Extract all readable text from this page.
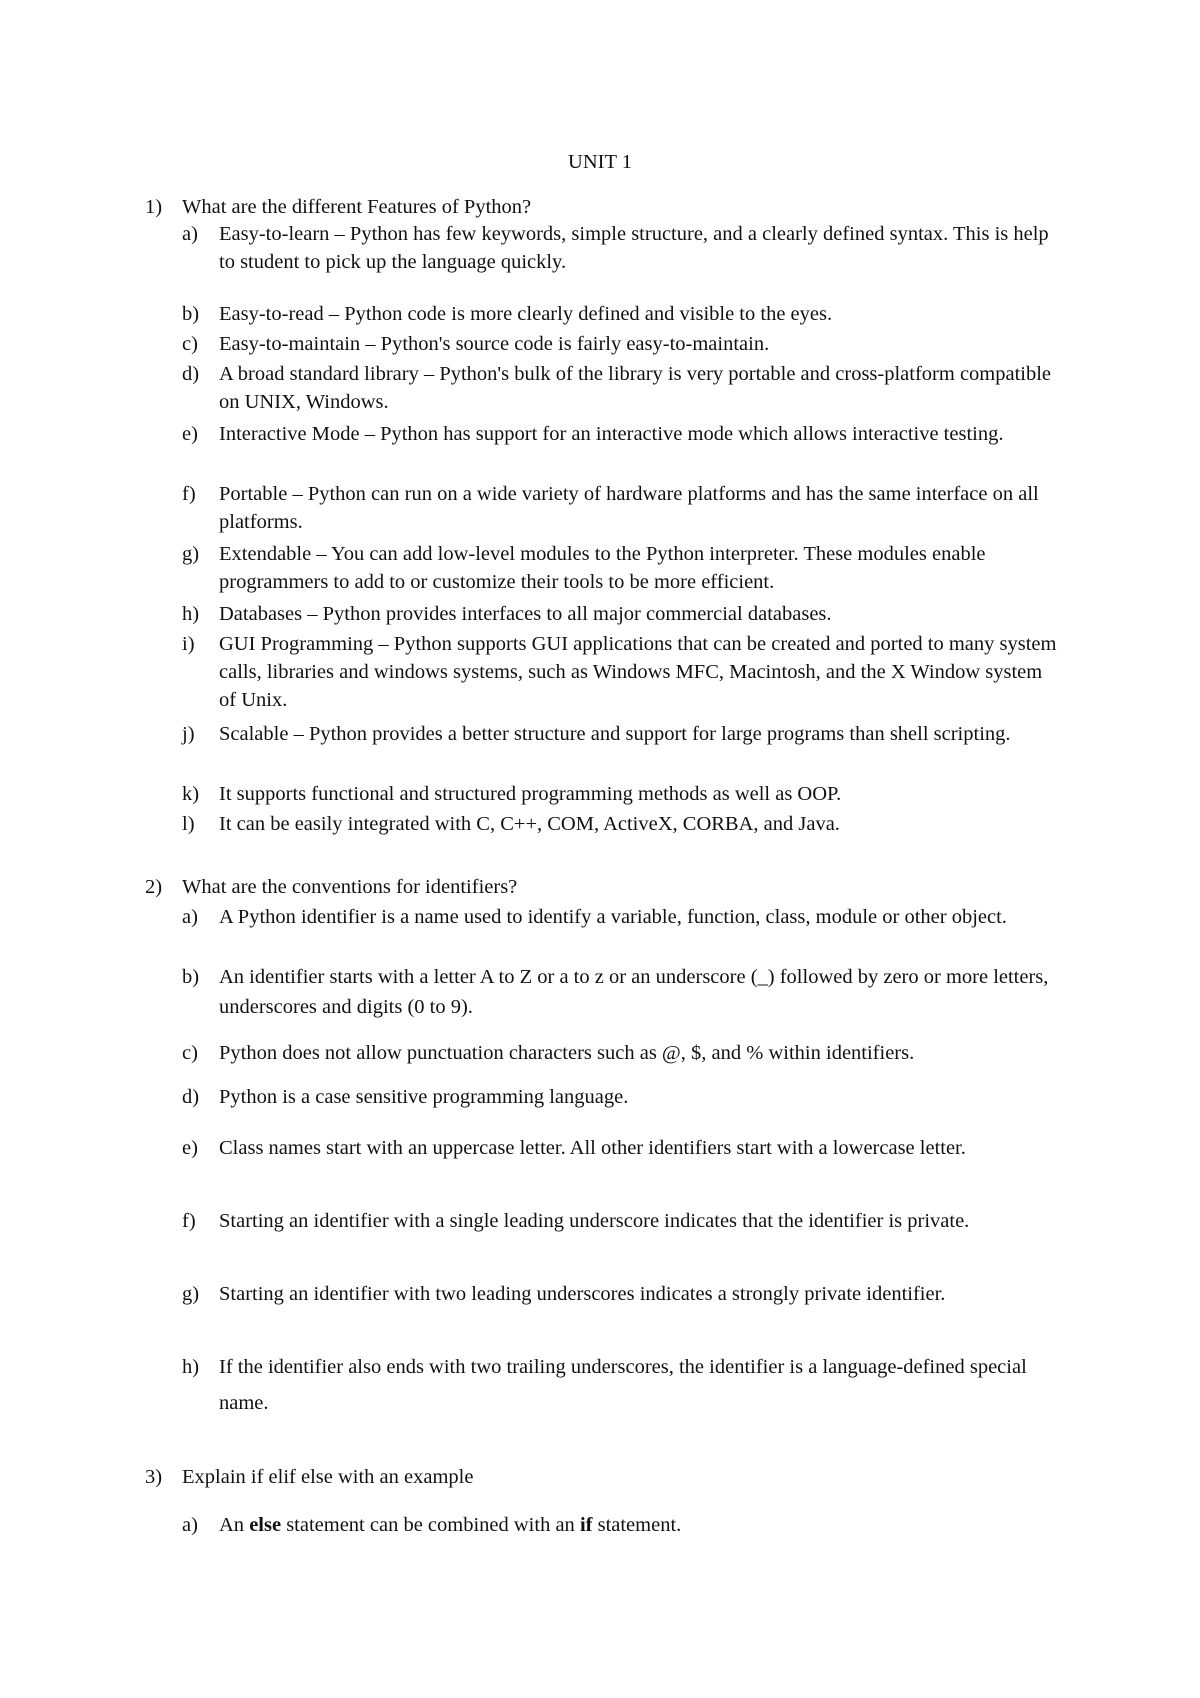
UNIT 1
1) What are the different Features of Python?
a) Easy-to-learn – Python has few keywords, simple structure, and a clearly defined syntax. This is help to student to pick up the language quickly.
b) Easy-to-read – Python code is more clearly defined and visible to the eyes.
c) Easy-to-maintain – Python's source code is fairly easy-to-maintain.
d) A broad standard library – Python's bulk of the library is very portable and cross-platform compatible on UNIX, Windows.
e) Interactive Mode – Python has support for an interactive mode which allows interactive testing.
f) Portable – Python can run on a wide variety of hardware platforms and has the same interface on all platforms.
g) Extendable – You can add low-level modules to the Python interpreter. These modules enable programmers to add to or customize their tools to be more efficient.
h) Databases – Python provides interfaces to all major commercial databases.
i) GUI Programming – Python supports GUI applications that can be created and ported to many system calls, libraries and windows systems, such as Windows MFC, Macintosh, and the X Window system of Unix.
j) Scalable – Python provides a better structure and support for large programs than shell scripting.
k) It supports functional and structured programming methods as well as OOP.
l) It can be easily integrated with C, C++, COM, ActiveX, CORBA, and Java.
2) What are the conventions for identifiers?
a) A Python identifier is a name used to identify a variable, function, class, module or other object.
b) An identifier starts with a letter A to Z or a to z or an underscore (_) followed by zero or more letters, underscores and digits (0 to 9).
c) Python does not allow punctuation characters such as @, $, and % within identifiers.
d) Python is a case sensitive programming language.
e) Class names start with an uppercase letter. All other identifiers start with a lowercase letter.
f) Starting an identifier with a single leading underscore indicates that the identifier is private.
g) Starting an identifier with two leading underscores indicates a strongly private identifier.
h) If the identifier also ends with two trailing underscores, the identifier is a language-defined special name.
3) Explain if elif else with an example
a) An else statement can be combined with an if statement.
